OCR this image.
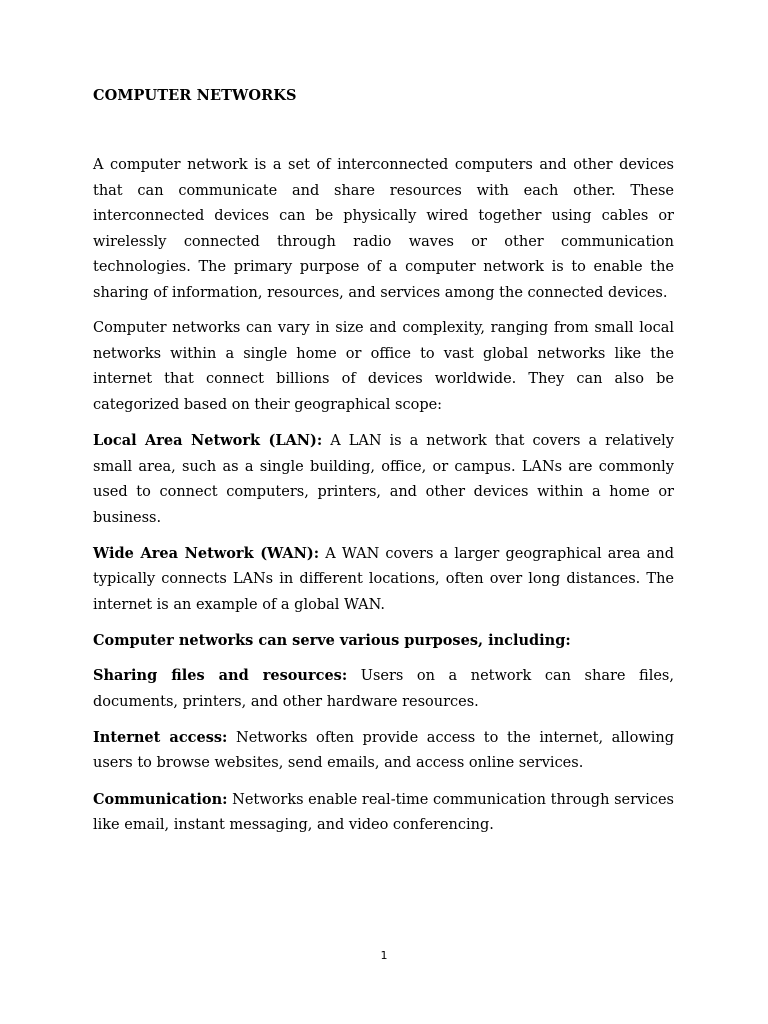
COMPUTER NETWORKS

A computer network is a set of interconnected computers and other devices that can communicate and share resources with each other. These interconnected devices can be physically wired together using cables or wirelessly connected through radio waves or other communication technologies. The primary purpose of a computer network is to enable the sharing of information, resources, and services among the connected devices.

Computer networks can vary in size and complexity, ranging from small local networks within a single home or office to vast global networks like the internet that connect billions of devices worldwide. They can also be categorized based on their geographical scope:

Local Area Network (LAN): A LAN is a network that covers a relatively small area, such as a single building, office, or campus. LANs are commonly used to connect computers, printers, and other devices within a home or business.

Wide Area Network (WAN): A WAN covers a larger geographical area and typically connects LANs in different locations, often over long distances. The internet is an example of a global WAN.

Computer networks can serve various purposes, including:

Sharing files and resources: Users on a network can share files, documents, printers, and other hardware resources.

Internet access: Networks often provide access to the internet, allowing users to browse websites, send emails, and access online services.

Communication: Networks enable real-time communication through services like email, instant messaging, and video conferencing.

1
